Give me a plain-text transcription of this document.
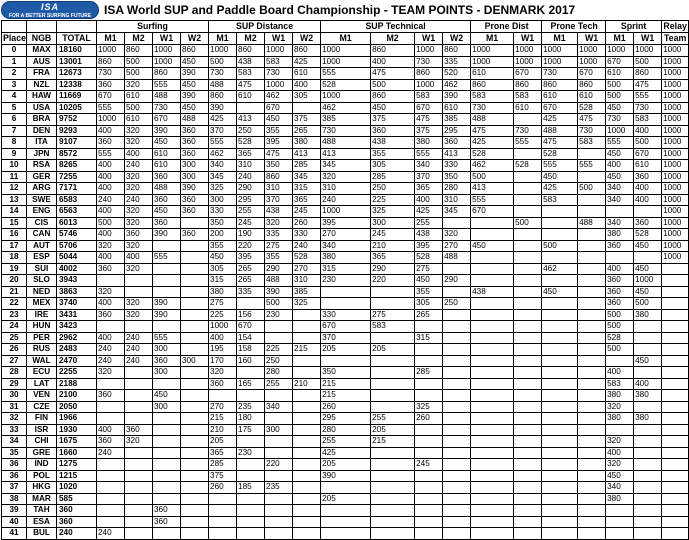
ISA
FOR A BETTER SURFING FUTURE	ISA World SUP and Paddle Board Championship - TEAM POINTS - DENMARK 2017
			Surfing				SUP Distance				SUP Technical				Prone Dist		Prone Tech		Sprint		Relay
Place	NGB	TOTAL	M1	M2	W1	W2	M1	M2	W1	W2	M1	M2	W1	W2	M1	W1	M1	W1	M1	W1	Team
0	MAX	18160	1000	860	1000	860	1000	860	1000	860	1000	860	1000	860	1000	1000	1000	1000	1000	1000	1000
1	AUS	13001	860	500	1000	450	500	438	583	425	1000	400	730	335	1000	1000	1000	1000	670	500	1000
2	FRA	12673	730	500	860	390	730	583	730	610	555	475	860	520	610	670	730	670	610	860	1000
3	NZL	12338	360	320	555	450	488	475	1000	400	528	500	1000	462	860	860	860	860	500	475	1000
4	HAW	11669	670	610	488	390	860	610	462	305	1000	860	583	390	583	583	610	610	500	555	1000
5	USA	10205	555	500	730	450	390		670		462	450	670	610	730	610	670	528	450	730	1000
6	BRA	9752	1000	610	670	488	425	413	450	375	385	375	475	385	488		425	475	730	583	1000
7	DEN	9293	400	320	390	360	370	250	355	265	730	360	375	295	475	730	488	730	1000	400	1000
8	ITA	9107	360	320	450	360	555	528	395	380	488	438	380	360	425	555	475	583	555	500	1000
9	JPN	8572	555	400	610	360	462	365	475	413	413	355	555	413	528		528		450	670	1000
10	RSA	8265	400	240	610	300	340	310	350	285	345	305	340	330	462	528	555	555	400	610	1000
11	GER	7255	400	320	360	300	345	240	860	345	320	285	370	350	500		450		450	360	1000
12	ARG	7171	400	320	488	390	325	290	310	315	310	250	365	280	413		425	500	340	400	1000
13	SWE	6583	240	240	360	360	300	295	370	365	240	225	400	310	555		583		340	400	1000
14	ENG	6563	400	320	450	360	330	255	438	245	1000	325	425	345	670						1000
15	CIS	6013	500	320	360		350	245	320	260	395	300	255			500		488	340	360	1000
16	CAN	5746	400	360	390	360	200	190	335	330	270	245	438	320					380	528	1000
17	AUT	5706	320	320			355	220	275	240	340	210	395	270	450		500		360	450	1000
18	ESP	5044	400	400	555		450	395	355	528	380	365	528	488							1000
19	SUI	4002	360	320			305	265	290	270	315	290	275				462		400	450	
20	SLO	3943					315	265	488	310	230	220	450	290					360	1000	
21	NED	3863	320				380	335	390	385			355		438		450		360	450	
22	MEX	3740	400	320	390		275		500	325			305	250					360	500	
23	IRE	3431	360	320	390		225	156	230		330	275	265						500	380	
24	HUN	3423					1000	670			670	583							500		
25	PER	2962	400	240	555		400	154			370		315						528		
26	RUS	2483	240	240	300		195	158	225	215	205	205							500		
27	WAL	2470	240	240	360	300	170	160	250											450	
28	ECU	2255	320		300		320		280		350		285						400		
29	LAT	2188					360	165	255	210	215								583	400	
30	VEN	2100	360		450						215								380	380	
31	CZE	2050			300		270	235	340		260		325						320		
32	FIN	1966					215	180			295	255	260						380	380	
33	ISR	1930	400	360			210	175	300		280	205									
34	CHI	1675	360	320			205				255	215							320		
35	GRE	1660	240				365	230			425								400		
36	IND	1275					285		220		205		245						320		
36	POL	1215					375				390								450		
37	HKG	1020					260	185	235										340		
38	MAR	585									205								380		
39	TAH	360			360																
40	ESA	360			360																
41	BUL	240	240																		
